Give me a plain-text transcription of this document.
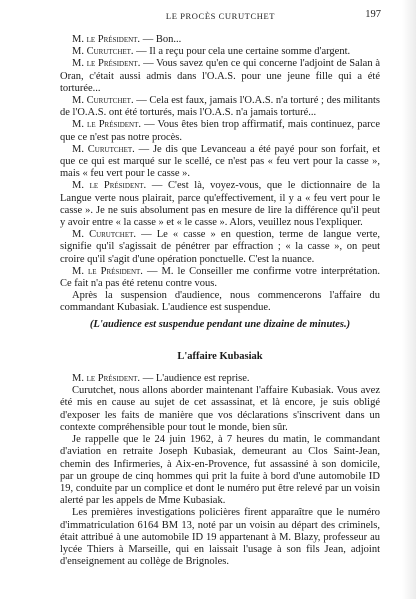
LE PROCÈS CURUTCHET	197

M. le Président. — Bon...

M. Curutchet. — Il a reçu pour cela une certaine somme d'argent.

M. le Président. — Vous savez qu'en ce qui concerne l'adjoint de Salan à Oran, c'était aussi admis dans l'O.A.S. pour une jeune fille qui a été torturée...

M. Curutchet. — Cela est faux, jamais l'O.A.S. n'a torturé ; des militants de l'O.A.S. ont été torturés, mais l'O.A.S. n'a jamais torturé...

M. le Président. — Vous êtes bien trop affirmatif, mais continuez, parce que ce n'est pas notre procès.

M. Curutchet. — Je dis que Levanceau a été payé pour son forfait, et que ce qui est marqué sur le scellé, ce n'est pas « feu vert pour la casse », mais « feu vert pour le casse ».

M. le Président. — C'est là, voyez-vous, que le dictionnaire de la Langue verte nous plairait, parce qu'effectivement, il y a « feu vert pour le casse ». Je ne suis absolument pas en mesure de lire la différence qu'il peut y avoir entre « la casse » et « le casse ». Alors, veuillez nous l'expliquer.

M. Curutchet. — Le « casse » en question, terme de langue verte, signifie qu'il s'agissait de pénétrer par effraction ; « la casse », on peut croire qu'il s'agit d'une opération ponctuelle. C'est la nuance.

M. le Président. — M. le Conseiller me confirme votre interprétation. Ce fait n'a pas été retenu contre vous.

Après la suspension d'audience, nous commencerons l'affaire du commandant Kubasiak. L'audience est suspendue.

(L'audience est suspendue pendant une dizaine de minutes.)

L'affaire Kubasiak

M. le Président. — L'audience est reprise.

Curutchet, nous allons aborder maintenant l'affaire Kubasiak. Vous avez été mis en cause au sujet de cet assassinat, et là encore, je suis obligé d'exposer les faits de manière que vos déclarations s'inscrivent dans un contexte compréhensible pour tout le monde, bien sûr.

Je rappelle que le 24 juin 1962, à 7 heures du matin, le commandant d'aviation en retraite Joseph Kubasiak, demeurant au Clos Saint-Jean, chemin des Infirmeries, à Aix-en-Provence, fut assassiné à son domicile, par un groupe de cinq hommes qui prit la fuite à bord d'une automobile ID 19, conduite par un complice et dont le numéro put être relevé par un voisin alerté par les appels de Mme Kubasiak.

Les premières investigations policières firent apparaître que le numéro d'immatriculation 6164 BM 13, noté par un voisin au départ des criminels, était attribué à une automobile ID 19 appartenant à M. Blazy, professeur au lycée Thiers à Marseille, qui en laissait l'usage à son fils Jean, adjoint d'enseignement au collège de Brignoles.
